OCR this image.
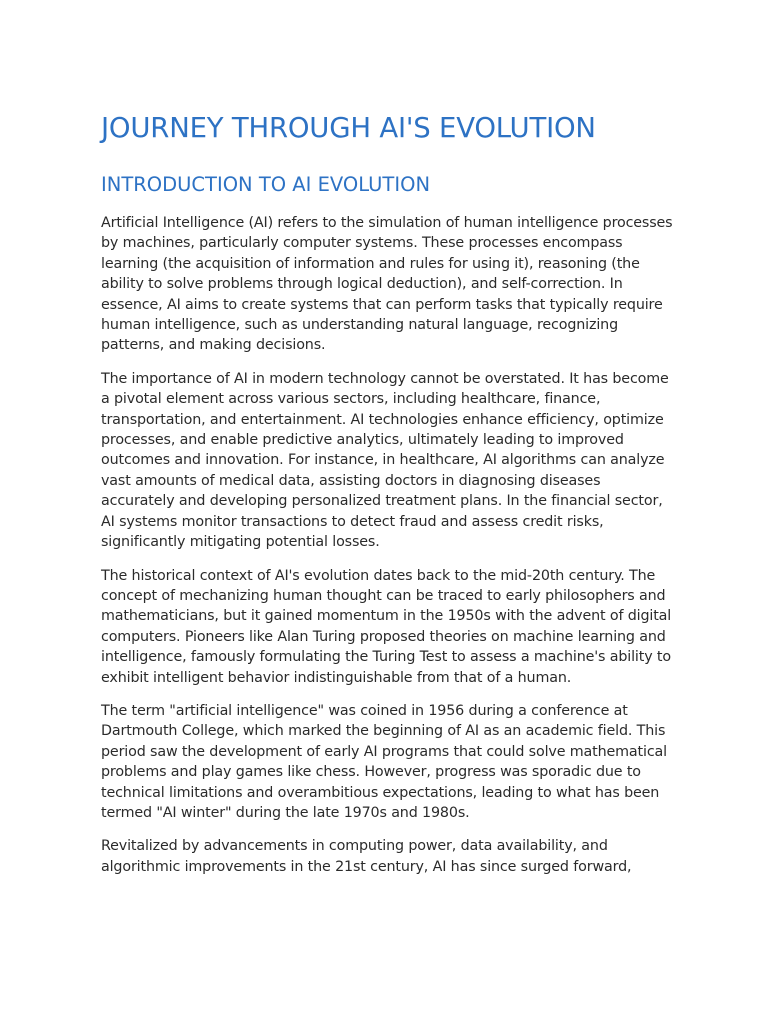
JOURNEY THROUGH AI'S EVOLUTION
INTRODUCTION TO AI EVOLUTION

Artificial Intelligence (AI) refers to the simulation of human intelligence processes by machines, particularly computer systems. These processes encompass learning (the acquisition of information and rules for using it), reasoning (the ability to solve problems through logical deduction), and self-correction. In essence, AI aims to create systems that can perform tasks that typically require human intelligence, such as understanding natural language, recognizing patterns, and making decisions.

The importance of AI in modern technology cannot be overstated. It has become a pivotal element across various sectors, including healthcare, finance, transportation, and entertainment. AI technologies enhance efficiency, optimize processes, and enable predictive analytics, ultimately leading to improved outcomes and innovation. For instance, in healthcare, AI algorithms can analyze vast amounts of medical data, assisting doctors in diagnosing diseases accurately and developing personalized treatment plans. In the financial sector, AI systems monitor transactions to detect fraud and assess credit risks, significantly mitigating potential losses.

The historical context of AI's evolution dates back to the mid-20th century. The concept of mechanizing human thought can be traced to early philosophers and mathematicians, but it gained momentum in the 1950s with the advent of digital computers. Pioneers like Alan Turing proposed theories on machine learning and intelligence, famously formulating the Turing Test to assess a machine's ability to exhibit intelligent behavior indistinguishable from that of a human.

The term "artificial intelligence" was coined in 1956 during a conference at Dartmouth College, which marked the beginning of AI as an academic field. This period saw the development of early AI programs that could solve mathematical problems and play games like chess. However, progress was sporadic due to technical limitations and overambitious expectations, leading to what has been termed "AI winter" during the late 1970s and 1980s.

Revitalized by advancements in computing power, data availability, and algorithmic improvements in the 21st century, AI has since surged forward,
